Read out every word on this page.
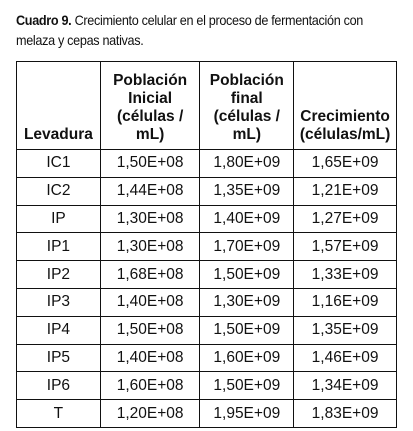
Cuadro 9. Crecimiento celular en el proceso de fermentación con melaza y cepas nativas.
Levadura	Población Inicial (células / mL)	Población final (células / mL)	Crecimiento (células/mL)
IC1	1,50E+08	1,80E+09	1,65E+09
IC2	1,44E+08	1,35E+09	1,21E+09
IP	1,30E+08	1,40E+09	1,27E+09
IP1	1,30E+08	1,70E+09	1,57E+09
IP2	1,68E+08	1,50E+09	1,33E+09
IP3	1,40E+08	1,30E+09	1,16E+09
IP4	1,50E+08	1,50E+09	1,35E+09
IP5	1,40E+08	1,60E+09	1,46E+09
IP6	1,60E+08	1,50E+09	1,34E+09
T	1,20E+08	1,95E+09	1,83E+09
